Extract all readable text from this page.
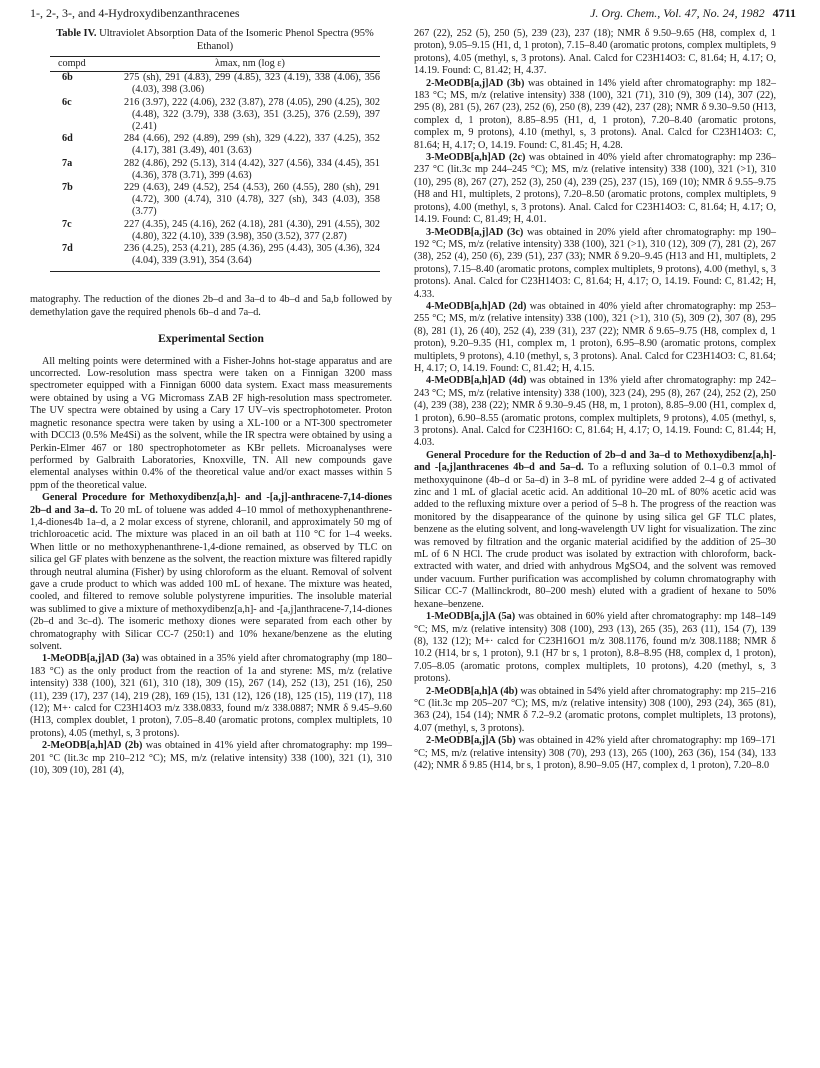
1-, 2-, 3-, and 4-Hydroxydibenzanthracenes	J. Org. Chem., Vol. 47, No. 24, 1982 4711
Table IV. Ultraviolet Absorption Data of the Isomeric Phenol Spectra (95% Ethanol)
compd	λmax, nm (log ε)
6b	275 (sh), 291 (4.83), 299 (4.85), 323 (4.19), 338 (4.06), 356 (4.03), 398 (3.06)
6c	216 (3.97), 222 (4.06), 232 (3.87), 278 (4.05), 290 (4.25), 302 (4.48), 322 (3.79), 338 (3.63), 351 (3.25), 376 (2.59), 397 (2.41)
6d	284 (4.66), 292 (4.89), 299 (sh), 329 (4.22), 337 (4.25), 352 (4.17), 381 (3.49), 401 (3.63)
7a	282 (4.86), 292 (5.13), 314 (4.42), 327 (4.56), 334 (4.45), 351 (4.36), 378 (3.71), 399 (4.63)
7b	229 (4.63), 249 (4.52), 254 (4.53), 260 (4.55), 280 (sh), 291 (4.72), 300 (4.74), 310 (4.78), 327 (sh), 343 (4.03), 358 (3.77)
7c	227 (4.35), 245 (4.16), 262 (4.18), 281 (4.30), 291 (4.55), 302 (4.80), 322 (4.10), 339 (3.98), 350 (3.52), 377 (2.87)
7d	236 (4.25), 253 (4.21), 285 (4.36), 295 (4.43), 305 (4.36), 324 (4.04), 339 (3.91), 354 (3.64)

matography. The reduction of the diones 2b–d and 3a–d to 4b–d and 5a,b followed by demethylation gave the required phenols 6b–d and 7a–d.

Experimental Section

All melting points were determined with a Fisher-Johns hot-stage apparatus and are uncorrected. Low-resolution mass spectra were taken on a Finnigan 3200 mass spectrometer equipped with a Finnigan 6000 data system. Exact mass measurements were obtained by using a VG Micromass ZAB 2F high-resolution mass spectrometer. The UV spectra were obtained by using a Cary 17 UV–vis spectrophotometer. Proton magnetic resonance spectra were taken by using a XL-100 or a NT-300 spectrometer with DCCl3 (0.5% Me4Si) as the solvent, while the IR spectra were obtained by using a Perkin-Elmer 467 or 180 spectrophotometer as KBr pellets. Microanalyses were performed by Galbraith Laboratories, Knoxville, TN. All new compounds gave elemental analyses within 0.4% of the theoretical value and/or exact masses within 5 ppm of the theoretical value.

General Procedure for Methoxydibenz[a,h]- and -[a,j]-anthracene-7,14-diones 2b–d and 3a–d. To 20 mL of toluene was added 4–10 mmol of methoxyphenanthrene-1,4-diones4b 1a–d, a 2 molar excess of styrene, chloranil, and approximately 50 mg of trichloroacetic acid. The mixture was placed in an oil bath at 110 °C for 1–4 weeks. When little or no methoxyphenanthrene-1,4-dione remained, as observed by TLC on silica gel GF plates with benzene as the solvent, the reaction mixture was filtered rapidly through neutral alumina (Fisher) by using chloroform as the eluant. Removal of solvent gave a crude product to which was added 100 mL of hexane. The mixture was heated, cooled, and filtered to remove soluble polystyrene impurities. The insoluble material was sublimed to give a mixture of methoxydibenz[a,h]- and -[a,j]anthracene-7,14-diones (2b–d and 3c–d). The isomeric methoxy diones were separated from each other by chromatography with Silicar CC-7 (250:1) and 10% hexane/benzene as the eluting solvent.

1-MeODB[a,j]AD (3a) was obtained in a 35% yield after chromatography (mp 180–183 °C) as the only product from the reaction of 1a and styrene: MS, m/z (relative intensity) 338 (100), 321 (61), 310 (18), 309 (15), 267 (14), 252 (13), 251 (16), 250 (11), 239 (17), 237 (14), 219 (28), 169 (15), 131 (12), 126 (18), 125 (15), 119 (17), 118 (12); M+· calcd for C23H14O3 m/z 338.0833, found m/z 338.0887; NMR δ 9.45–9.60 (H13, complex doublet, 1 proton), 7.05–8.40 (aromatic protons, complex multiplets, 10 protons), 4.05 (methyl, s, 3 protons).

2-MeODB[a,h]AD (2b) was obtained in 41% yield after chromatography: mp 199–201 °C (lit.3c mp 210–212 °C); MS, m/z (relative intensity) 338 (100), 321 (1), 310 (10), 309 (10), 281 (4),

267 (22), 252 (5), 250 (5), 239 (23), 237 (18); NMR δ 9.50–9.65 (H8, complex d, 1 proton), 9.05–9.15 (H1, d, 1 proton), 7.15–8.40 (aromatic protons, complex multiplets, 9 protons), 4.05 (methyl, s, 3 protons). Anal. Calcd for C23H14O3: C, 81.64; H, 4.17; O, 14.19. Found: C, 81.42; H, 4.37.

2-MeODB[a,j]AD (3b) was obtained in 14% yield after chromatography: mp 182–183 °C; MS, m/z (relative intensity) 338 (100), 321 (71), 310 (9), 309 (14), 307 (22), 295 (8), 281 (5), 267 (23), 252 (6), 250 (8), 239 (42), 237 (28); NMR δ 9.30–9.50 (H13, complex d, 1 proton), 8.85–8.95 (H1, d, 1 proton), 7.20–8.40 (aromatic protons, complex m, 9 protons), 4.10 (methyl, s, 3 protons). Anal. Calcd for C23H14O3: C, 81.64; H, 4.17; O, 14.19. Found: C, 81.45; H, 4.28.

3-MeODB[a,h]AD (2c) was obtained in 40% yield after chromatography: mp 236–237 °C (lit.3c mp 244–245 °C); MS, m/z (relative intensity) 338 (100), 321 (>1), 310 (10), 295 (8), 267 (27), 252 (3), 250 (4), 239 (25), 237 (15), 169 (10); NMR δ 9.55–9.75 (H8 and H1, multiplets, 2 protons), 7.20–8.50 (aromatic protons, complex multiplets, 9 protons), 4.00 (methyl, s, 3 protons). Anal. Calcd for C23H14O3: C, 81.64; H, 4.17; O, 14.19. Found: C, 81.49; H, 4.01.

3-MeODB[a,j]AD (3c) was obtained in 20% yield after chromatography: mp 190–192 °C; MS, m/z (relative intensity) 338 (100), 321 (>1), 310 (12), 309 (7), 281 (2), 267 (38), 252 (4), 250 (6), 239 (51), 237 (33); NMR δ 9.20–9.45 (H13 and H1, multiplets, 2 protons), 7.15–8.40 (aromatic protons, complex multiplets, 9 protons), 4.00 (methyl, s, 3 protons). Anal. Calcd for C23H14O3: C, 81.64; H, 4.17; O, 14.19. Found: C, 81.42; H, 4.33.

4-MeODB[a,h]AD (2d) was obtained in 40% yield after chromatography: mp 253–255 °C; MS, m/z (relative intensity) 338 (100), 321 (>1), 310 (5), 309 (2), 307 (8), 295 (8), 281 (1), 26 (40), 252 (4), 239 (31), 237 (22); NMR δ 9.65–9.75 (H8, complex d, 1 proton), 9.20–9.35 (H1, complex m, 1 proton), 6.95–8.90 (aromatic protons, complex multiplets, 9 protons), 4.10 (methyl, s, 3 protons). Anal. Calcd for C23H14O3: C, 81.64; H, 4.17; O, 14.19. Found: C, 81.42; H, 4.15.

4-MeODB[a,h]AD (4d) was obtained in 13% yield after chromatography: mp 242–243 °C; MS, m/z (relative intensity) 338 (100), 323 (24), 295 (8), 267 (24), 252 (2), 250 (4), 239 (38), 238 (22); NMR δ 9.30–9.45 (H8, m, 1 proton), 8.85–9.00 (H1, complex d, 1 proton), 6.90–8.55 (aromatic protons, complex multiplets, 9 protons), 4.05 (methyl, s, 3 protons). Anal. Calcd for C23H16O: C, 81.64; H, 4.17; O, 14.19. Found: C, 81.44; H, 4.03.

General Procedure for the Reduction of 2b–d and 3a–d to Methoxydibenz[a,h]- and -[a,j]anthracenes 4b–d and 5a–d. To a refluxing solution of 0.1–0.3 mmol of methoxyquinone (4b–d or 5a–d) in 3–8 mL of pyridine were added 2–4 g of activated zinc and 1 mL of glacial acetic acid. An additional 10–20 mL of 80% acetic acid was added to the refluxing mixture over a period of 5–8 h. The progress of the reaction was monitored by the disappearance of the quinone by using silica gel GF TLC plates, benzene as the eluting solvent, and long-wavelength UV light for visualization. The zinc was removed by filtration and the organic material acidified by the addition of 25–30 mL of 6 N HCl. The crude product was isolated by extraction with chloroform, back-extracted with water, and dried with anhydrous MgSO4, and the solvent was removed under vacuum. Further purification was accomplished by column chromatography with Silicar CC-7 (Mallinckrodt, 80–200 mesh) eluted with a gradient of hexane to 50% hexane–benzene.

1-MeODB[a,j]A (5a) was obtained in 60% yield after chromatography: mp 148–149 °C; MS, m/z (relative intensity) 308 (100), 293 (13), 265 (35), 263 (11), 154 (7), 139 (8), 132 (12); M+· calcd for C23H16O1 m/z 308.1176, found m/z 308.1188; NMR δ 10.2 (H14, br s, 1 proton), 9.1 (H7 br s, 1 proton), 8.8–8.95 (H8, complex d, 1 proton), 7.05–8.05 (aromatic protons, complex multiplets, 10 protons), 4.20 (methyl, s, 3 protons).

2-MeODB[a,h]A (4b) was obtained in 54% yield after chromatography: mp 215–216 °C (lit.3c mp 205–207 °C); MS, m/z (relative intensity) 308 (100), 293 (24), 365 (81), 363 (24), 154 (14); NMR δ 7.2–9.2 (aromatic protons, complet multiplets, 13 protons), 4.07 (methyl, s, 3 protons).

2-MeODB[a,j]A (5b) was obtained in 42% yield after chromatography: mp 169–171 °C; MS, m/z (relative intensity) 308 (70), 293 (13), 265 (100), 263 (36), 154 (34), 133 (42); NMR δ 9.85 (H14, br s, 1 proton), 8.90–9.05 (H7, complex d, 1 proton), 7.20–8.0
